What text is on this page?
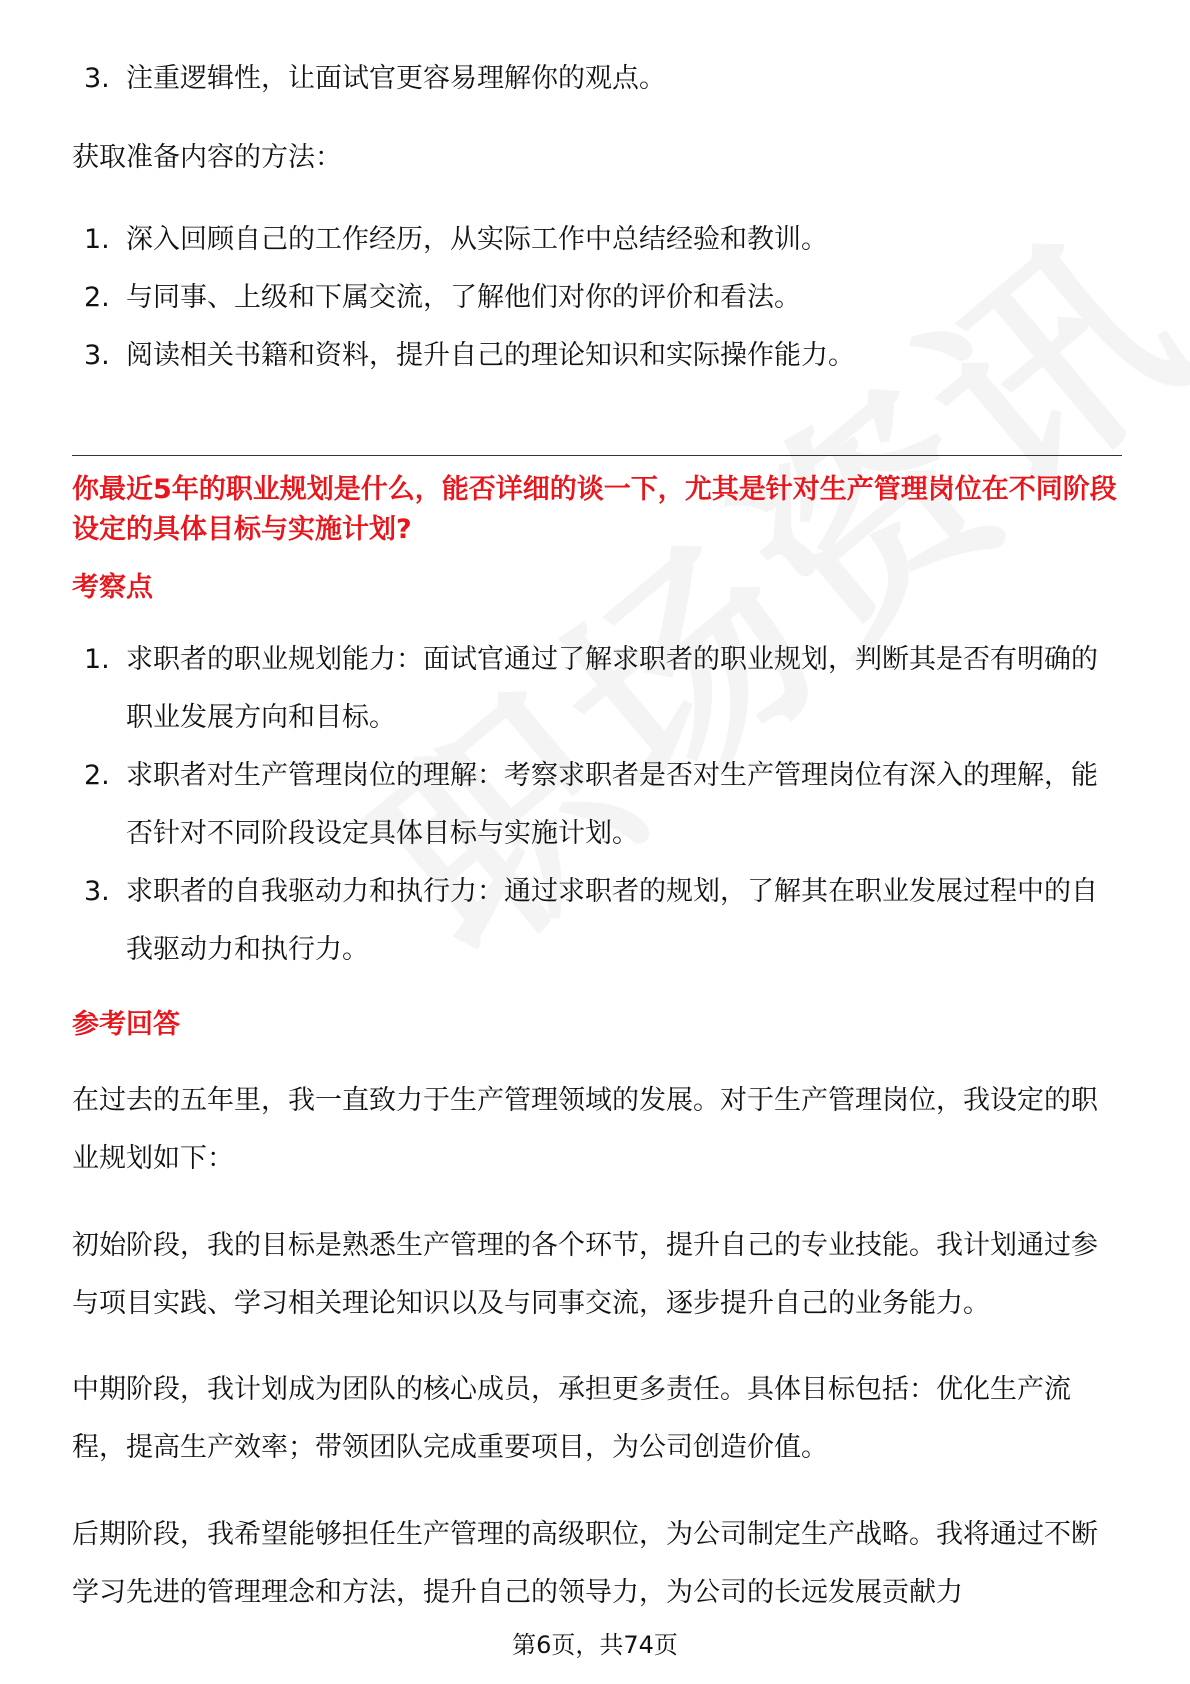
3. 注重逻辑性，让面试官更容易理解你的观点。

获取准备内容的方法：

1. 深入回顾自己的工作经历，从实际工作中总结经验和教训。
2. 与同事、上级和下属交流，了解他们对你的评价和看法。
3. 阅读相关书籍和资料，提升自己的理论知识和实际操作能力。
你最近5年的职业规划是什么，能否详细的谈一下，尤其是针对生产管理岗位在不同阶段设定的具体目标与实施计划?
考察点
1. 求职者的职业规划能力：面试官通过了解求职者的职业规划，判断其是否有明确的职业发展方向和目标。
2. 求职者对生产管理岗位的理解：考察求职者是否对生产管理岗位有深入的理解，能否针对不同阶段设定具体目标与实施计划。
3. 求职者的自我驱动力和执行力：通过求职者的规划，了解其在职业发展过程中的自我驱动力和执行力。
参考回答

在过去的五年里，我一直致力于生产管理领域的发展。对于生产管理岗位，我设定的职业规划如下：

初始阶段，我的目标是熟悉生产管理的各个环节，提升自己的专业技能。我计划通过参与项目实践、学习相关理论知识以及与同事交流，逐步提升自己的业务能力。

中期阶段，我计划成为团队的核心成员，承担更多责任。具体目标包括：优化生产流程，提高生产效率；带领团队完成重要项目，为公司创造价值。

后期阶段，我希望能够担任生产管理的高级职位，为公司制定生产战略。我将通过不断学习先进的管理理念和方法，提升自己的领导力，为公司的长远发展贡献力

第6页，共74页
